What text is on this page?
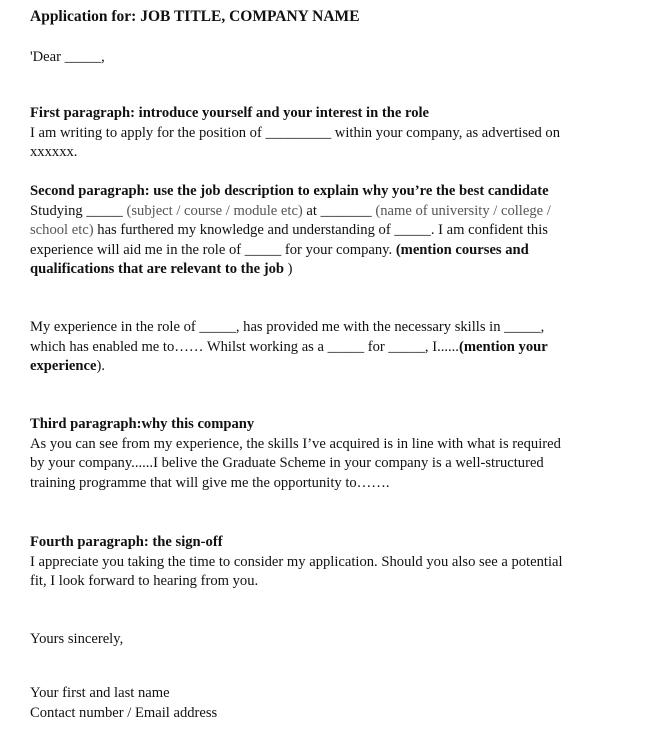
Application for: JOB TITLE, COMPANY NAME

'Dear _____,

First paragraph: introduce yourself and your interest in the role

I am writing to apply for the position of _________ within your company, as advertised on

xxxxxx.

Second paragraph: use the job description to explain why you’re the best candidate

Studying _____ (subject / course / module etc) at _______ (name of university / college /

school etc) has furthered my knowledge and understanding of _____. I am confident this

experience will aid me in the role of _____ for your company. (mention courses and

qualifications that are relevant to the job )

My experience in the role of _____, has provided me with the necessary skills in _____,

which has enabled me to…… Whilst working as a _____ for _____, I......(mention your

experience).

Third paragraph:why this company

As you can see from my experience, the skills I’ve acquired is in line with what is required

by your company......I belive the Graduate Scheme in your company is a well-structured

training programme that will give me the opportunity to…….

Fourth paragraph: the sign-off

I appreciate you taking the time to consider my application. Should you also see a potential

fit, I look forward to hearing from you.

Yours sincerely,

Your first and last name

Contact number / Email address
